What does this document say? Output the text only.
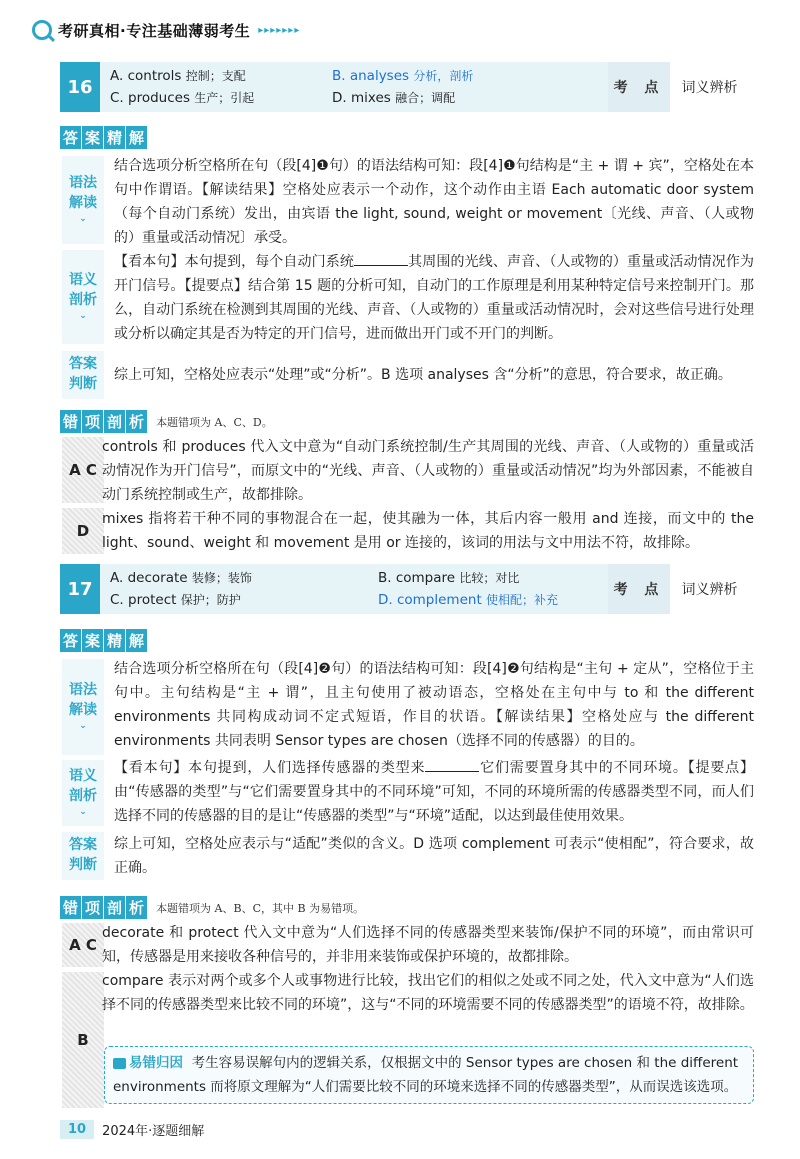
考研真相·专注基础薄弱考生 ▸▸▸▸▸▸▸
16
A. controls 控制；支配	B. analyses 分析，剖析
C. produces 生产；引起	D. mixes 融合；调配
考 点	词义辨析
答 案 精 解
语法
解读
⌄
结合选项分析空格所在句（段[4]❶句）的语法结构可知：段[4]❶句结构是“主 + 谓 + 宾”，空格处在本句中作谓语。【解读结果】空格处应表示一个动作，这个动作由主语 Each automatic door system（每个自动门系统）发出，由宾语 the light, sound, weight or movement〔光线、声音、（人或物的）重量或活动情况〕承受。
语义
剖析
⌄
【看本句】本句提到，每个自动门系统	其周围的光线、声音、（人或物的）重量或活动情况作为开门信号。【提要点】结合第 15 题的分析可知，自动门的工作原理是利用某种特定信号来控制开门。那么，自动门系统在检测到其周围的光线、声音、（人或物的）重量或活动情况时，会对这些信号进行处理或分析以确定其是否为特定的开门信号，进而做出开门或不开门的判断。
答案
判断
综上可知，空格处应表示“处理”或“分析”。B 选项 analyses 含“分析”的意思，符合要求，故正确。
错 项 剖 析	本题错项为 A、C、D。
A C
controls 和 produces 代入文中意为“自动门系统控制/生产其周围的光线、声音、（人或物的）重量或活动情况作为开门信号”，而原文中的“光线、声音、（人或物的）重量或活动情况”均为外部因素，不能被自动门系统控制或生产，故都排除。
D
mixes 指将若干种不同的事物混合在一起，使其融为一体，其后内容一般用 and 连接，而文中的 the light、sound、weight 和 movement 是用 or 连接的，该词的用法与文中用法不符，故排除。
17
A. decorate 装修；装饰	B. compare 比较；对比
C. protect 保护；防护	D. complement 使相配；补充
考 点	词义辨析
答 案 精 解
语法
解读
⌄
结合选项分析空格所在句（段[4]❷句）的语法结构可知：段[4]❷句结构是“主句 + 定从”，空格位于主句中。主句结构是“主 + 谓”，且主句使用了被动语态，空格处在主句中与 to 和 the different environments 共同构成动词不定式短语，作目的状语。【解读结果】空格处应与 the different environments 共同表明 Sensor types are chosen（选择不同的传感器）的目的。
语义
剖析
⌄
【看本句】本句提到，人们选择传感器的类型来	它们需要置身其中的不同环境。【提要点】由“传感器的类型”与“它们需要置身其中的不同环境”可知，不同的环境所需的传感器类型不同，而人们选择不同的传感器的目的是让“传感器的类型”与“环境”适配，以达到最佳使用效果。
答案
判断
综上可知，空格处应表示与“适配”类似的含义。D 选项 complement 可表示“使相配”，符合要求，故正确。
错 项 剖 析	本题错项为 A、B、C，其中 B 为易错项。
A C
decorate 和 protect 代入文中意为“人们选择不同的传感器类型来装饰/保护不同的环境”，而由常识可知，传感器是用来接收各种信号的，并非用来装饰或保护环境的，故都排除。
B
compare 表示对两个或多个人或事物进行比较，找出它们的相似之处或不同之处，代入文中意为“人们选择不同的传感器类型来比较不同的环境”，这与“不同的环境需要不同的传感器类型”的语境不符，故排除。
易错归因 考生容易误解句内的逻辑关系，仅根据文中的 Sensor types are chosen 和 the different environments 而将原文理解为“人们需要比较不同的环境来选择不同的传感器类型”，从而误选该选项。
10	2024年·逐题细解
